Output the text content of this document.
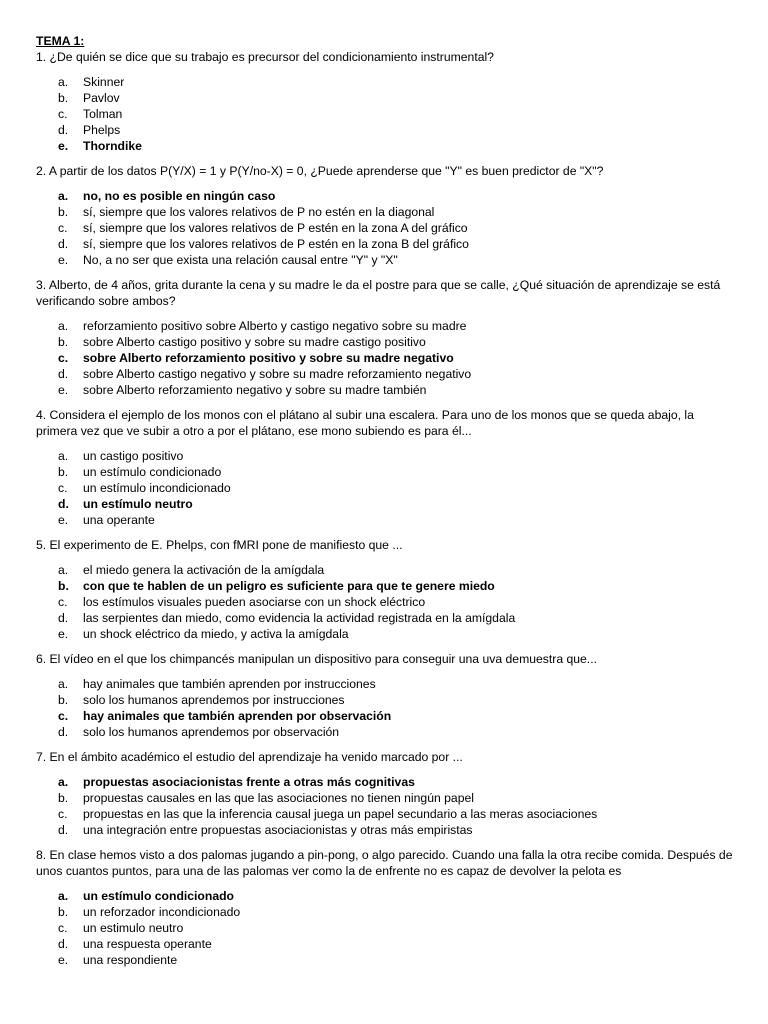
TEMA 1:
1. ¿De quién se dice que su trabajo es precursor del condicionamiento instrumental?
a.	Skinner
b.	Pavlov
c.	Tolman
d.	Phelps
e.	Thorndike
2. A partir de los datos P(Y/X) = 1 y P(Y/no-X) = 0, ¿Puede aprenderse que "Y" es buen predictor de "X"?
a.	no, no es posible en ningún caso
b.	sí, siempre que los valores relativos de P no estén en la diagonal
c.	sí, siempre que los valores relativos de P estén en la zona A del gráfico
d.	sí, siempre que los valores relativos de P estén en la zona B del gráfico
e.	No, a no ser que exista una relación causal entre "Y" y "X"
3. Alberto, de 4 años, grita durante la cena y su madre le da el postre para que se calle, ¿Qué situación de aprendizaje se está verificando sobre ambos?
a.	reforzamiento positivo sobre Alberto y castigo negativo sobre su madre
b.	sobre Alberto castigo positivo y sobre su madre castigo positivo
c.	sobre Alberto reforzamiento positivo y sobre su madre negativo
d.	sobre Alberto castigo negativo y sobre su madre reforzamiento negativo
e.	sobre Alberto reforzamiento negativo y sobre su madre también
4. Considera el ejemplo de los monos con el plátano al subir una escalera. Para uno de los monos que se queda abajo, la primera vez que ve subir a otro a por el plátano, ese mono subiendo es para él...
a.	un castigo positivo
b.	un estímulo condicionado
c.	un estímulo incondicionado
d.	un estímulo neutro
e.	una operante
5. El experimento de E. Phelps, con fMRI pone de manifiesto que ...
a.	el miedo genera la activación de la amígdala
b.	con que te hablen de un peligro es suficiente para que te genere miedo
c.	los estímulos visuales pueden asociarse con un shock eléctrico
d.	las serpientes dan miedo, como evidencia la actividad registrada en la amígdala
e.	un shock eléctrico da miedo, y activa la amígdala
6. El vídeo en el que los chimpancés manipulan un dispositivo para conseguir una uva demuestra que...
a.	hay animales que también aprenden por instrucciones
b.	solo los humanos aprendemos por instrucciones
c.	hay animales que también aprenden por observación
d.	solo los humanos aprendemos por observación
7. En el ámbito académico el estudio del aprendizaje ha venido marcado por ...
a.	propuestas asociacionistas frente a otras más cognitivas
b.	propuestas causales en las que las asociaciones no tienen ningún papel
c.	propuestas en las que la inferencia causal juega un papel secundario a las meras asociaciones
d.	una integración entre propuestas asociacionistas y otras más empiristas
8. En clase hemos visto a dos palomas jugando a pin-pong, o algo parecido. Cuando una falla la otra recibe comida. Después de unos cuantos puntos, para una de las palomas ver como la de enfrente no es capaz de devolver la pelota es
a.	un estímulo condicionado
b.	un reforzador incondicionado
c.	un estimulo neutro
d.	una respuesta operante
e.	una respondiente
